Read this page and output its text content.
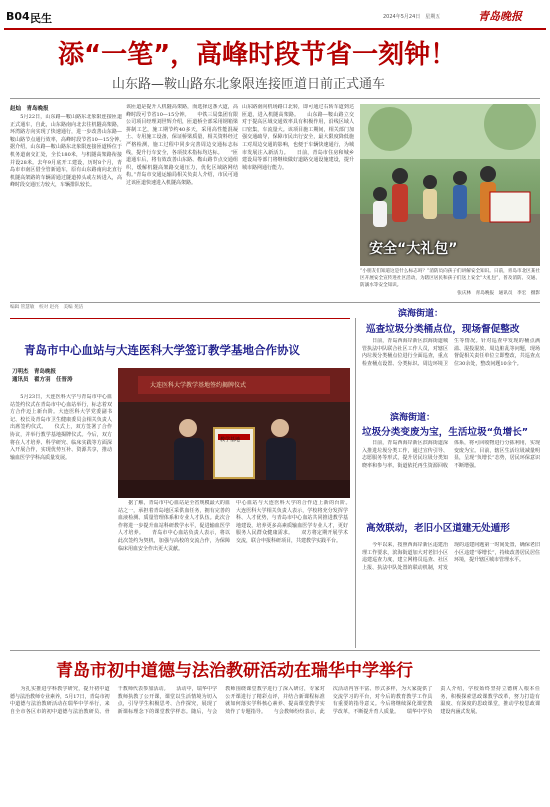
B04 民生	2024年5月24日　星期五	青岛晚报
添“一笔”，高峰时段节省一刻钟！
山东路—鞍山路东北象限连接匝道日前正式通车
赵灿　青岛晚报
　　5月22日，山东路—鞍山路东北象限连接匝道正式通车，自此，山东路南向北去往机隧高架路，环湾路方向实现了快速通行，进一步改善山东路—鞍山路节点通行效率，高峰时段节省10—15分钟。　　据介绍，山东路—鞍山路东北象限连接匝道桥位于机务道南交汇处，全长180米，与机隧高架路衔接并设28米。去年9月底开工建设，历时8个月，青岛市市南区借全管新通车，原有山东路南向北直行机隧高架路的车辆需通过隧道掉头或左转进入，高峰时段交通压力较大，车辆排队较长。
该匝道是提升人机隧高架路，而选择这条大道，高峰时段可节省10—15分钟。　　中铁三局集团有限公司项目经理刘世辉介绍，匝道桥全部采用钢箱梁拼制工艺，施工期节约40多天，采用高性能混凝土、专用施工设备，保证桥梁质量，相关资料经过严格检测，施工过程中同步完善周边交通标志标线，提升行车安全，各项技术指标均达标。　　“匝道通车后，将有效改善山东路、鞍山路节点交通组织，缓解机隧高架路交通压力，优化区域路网结构。”青岛市交通运输局相关负责人介绍，市民可通过该匝道快速进入机隧高架路。
山东路南向机场路口北转，即可通过右转车道到达匝道，进入机隧高架路。　　山东路—鞍山路立交对于提高区域交通效率具有积极作用，沿线区域人口密集，车流量大。该项目施工期间，相关部门加强交通疏导，保障市民出行安全，最大限度降低施工对周边交通的影响，也便于车辆快速通行，为城市发展注入新活力。　　日前，青岛市住房和城乡建设局等部门将继续做好道路交通设施建设，提升城市路网通行能力。
安全“大礼包”
“小朋友们知道这是什么标志吗？”消防员向孩子们讲解安全知识。日前，青岛市北区某社区开展安全宣传进社区活动，为辖区居民和孩子们送上安全“大礼包”，普及消防、交通、防溺水等安全知识。
张庆林　青岛晚报　通讯员　李宏　摄影
编辑 管慧敏　校对 赵亮　美编 苑洁
青岛市中心血站与大连医科大学签订教学基地合作协议
刀明杰　青岛晚报
通讯员　翟方羽　任晋涛
　　5月23日，大连医科大学与青岛市中心血站签约仪式在青岛市中心血站举行，标志着双方合作迈上新台阶。大连医科大学党委副书记、校长及青岛市卫生健康委员会相关负责人出席签约仪式。　　仪式上，双方签署了合作协议，并举行教学基地揭牌仪式。今后，双方将在人才培养、科学研究、临床实践等方面深入开展合作，实现优势互补、资源共享，推动输血医学学科高质量发展。
大连医科大学教学基地签约揭牌仪式
教学基地
　　据了解，青岛市中心血站是全省规模最大的血站之一，承担着青岛地区采供血任务，拥有完善的血液检测、质量管理体系和专业人才队伍。此次合作将进一步提升血站科研教学水平，促进输血医学人才培养。　　青岛市中心血站负责人表示，将以此次签约为契机，加强与高校的交流合作，为保障临床用血安全作出更大贡献。
中心血站与大连医科大学的合作迈上新的台阶。　　大连医科大学相关负责人表示，学校将充分发挥学科、人才优势，与青岛市中心血站共同推进教学基地建设，培养更多高素质输血医学专业人才，更好服务人民群众健康需求。　　双方将定期开展学术交流，联合申报科研项目，共建教学实践平台。
滨海街道：
巡查垃圾分类桶点位，现场督促整改
　　日前，青岛西海岸新区滨海街道城管执法中队联合社区工作人员，对辖区内垃圾分类桶点位进行全面巡查，重点检查桶点设置、分类标识、周边环境卫生等情况。针对巡查中发现的桶点满溢、混投混放、周边脏乱等问题，现场督促相关责任单位立即整改，共巡查点位30余处，整改问题10余个。
滨海街道：
垃圾分类变废为宝，生活垃圾“负增长”
　　日前，青岛西海岸新区滨海街道深入推进垃圾分类工作，通过宣传引导、志愿服务等形式，提升居民垃圾分类知晓率和参与率。街道依托再生资源回收体系，将可回收物进行分拣利用，实现变废为宝。目前，辖区生活垃圾减量明显，呈现“负增长”态势，居民环保意识不断增强。
高效联动，老旧小区道建无处遁形
　　今年以来，按照西海岸新区违建治理工作要求，滨海街道加大对老旧小区违建巡查力度，建立网格员巡查、社区上报、执法中队处置的联动机制，对发现的违建问题第一时间处置，确保老旧小区违建“零增长”，持续改善居民居住环境，提升辖区城市管理水平。
青岛市初中道德与法治教研活动在瑞华中学举行
　　为扎实推进学科教学研究，提升初中道德与法治教师专业素养，5月17日，青岛市初中道德与法治教研活动在瑞华中学举行，来自全市各区市的初中道德与法治教研员、骨干教师代表参加活动。　　活动中，瑞华中学教师执教了公开课，课堂以生活情境为切入点，引导学生积极思考、合作探究，展现了新课标理念下的课堂教学样态。随后，与会教师围绕课堂教学进行了深入研讨，专家对公开课进行了精彩点评，并结合新课程标准就如何落实学科核心素养、提高课堂教学实效作了专题指导。　　与会教师纷纷表示，此次活动内容丰富、形式多样，为大家提供了交流学习的平台，对今后的教育教学工作具有重要的指导意义。今后将继续深化课堂教学改革，不断提升育人质量。　　瑞华中学负责人介绍，学校始终坚持立德树人根本任务，积极探索思政课教学改革，努力打造有温度、有深度的思政课堂，推动学校思政课建设内涵式发展。
